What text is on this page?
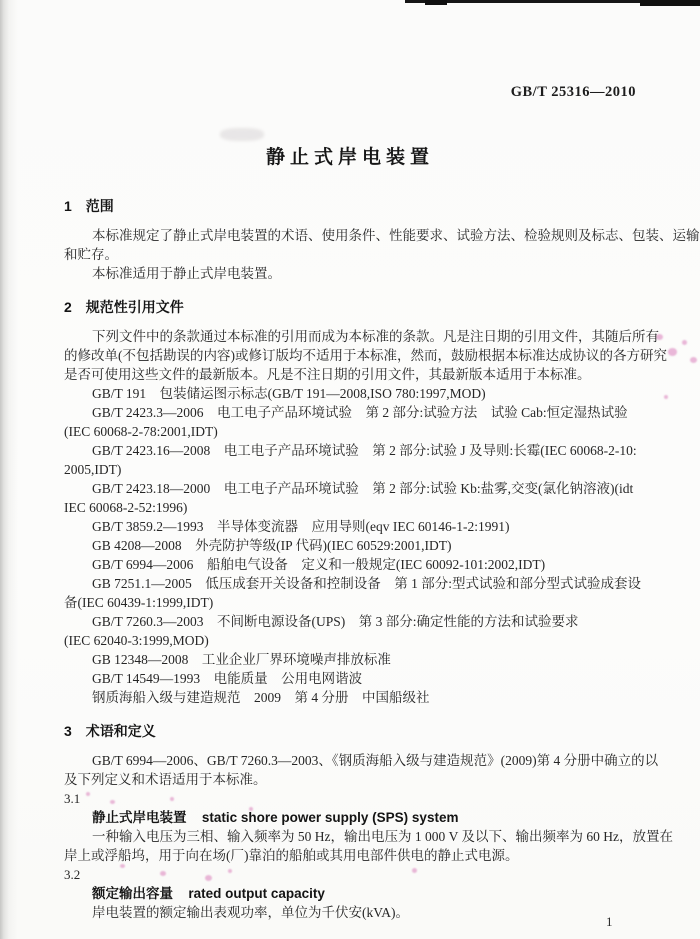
GB/T 25316—2010
静止式岸电装置
1　范围
本标准规定了静止式岸电装置的术语、使用条件、性能要求、试验方法、检验规则及标志、包装、运输
和贮存。
本标准适用于静止式岸电装置。
2　规范性引用文件
下列文件中的条款通过本标准的引用而成为本标准的条款。凡是注日期的引用文件，其随后所有
的修改单(不包括勘误的内容)或修订版均不适用于本标准，然而，鼓励根据本标准达成协议的各方研究
是否可使用这些文件的最新版本。凡是不注日期的引用文件，其最新版本适用于本标准。
GB/T 191　包装储运图示标志(GB/T 191—2008,ISO 780:1997,MOD)
GB/T 2423.3—2006　电工电子产品环境试验　第 2 部分:试验方法　试验 Cab:恒定湿热试验
(IEC 60068-2-78:2001,IDT)
GB/T 2423.16—2008　电工电子产品环境试验　第 2 部分:试验 J 及导则:长霉(IEC 60068-2-10:
2005,IDT)
GB/T 2423.18—2000　电工电子产品环境试验　第 2 部分:试验 Kb:盐雾,交变(氯化钠溶液)(idt
IEC 60068-2-52:1996)
GB/T 3859.2—1993　半导体变流器　应用导则(eqv IEC 60146-1-2:1991)
GB 4208—2008　外壳防护等级(IP 代码)(IEC 60529:2001,IDT)
GB/T 6994—2006　船舶电气设备　定义和一般规定(IEC 60092-101:2002,IDT)
GB 7251.1—2005　低压成套开关设备和控制设备　第 1 部分:型式试验和部分型式试验成套设
备(IEC 60439-1:1999,IDT)
GB/T 7260.3—2003　不间断电源设备(UPS)　第 3 部分:确定性能的方法和试验要求
(IEC 62040-3:1999,MOD)
GB 12348—2008　工业企业厂界环境噪声排放标准
GB/T 14549—1993　电能质量　公用电网谐波
钢质海船入级与建造规范　2009　第 4 分册　中国船级社
3　术语和定义
GB/T 6994—2006、GB/T 7260.3—2003、《钢质海船入级与建造规范》(2009)第 4 分册中确立的以
及下列定义和术语适用于本标准。
3.1
静止式岸电装置 static shore power supply (SPS) system
一种输入电压为三相、输入频率为 50 Hz，输出电压为 1 000 V 及以下、输出频率为 60 Hz，放置在
岸上或浮船坞，用于向在场(厂)靠泊的船舶或其用电部件供电的静止式电源。
3.2
额定输出容量 rated output capacity
岸电装置的额定输出表观功率，单位为千伏安(kVA)。
1
